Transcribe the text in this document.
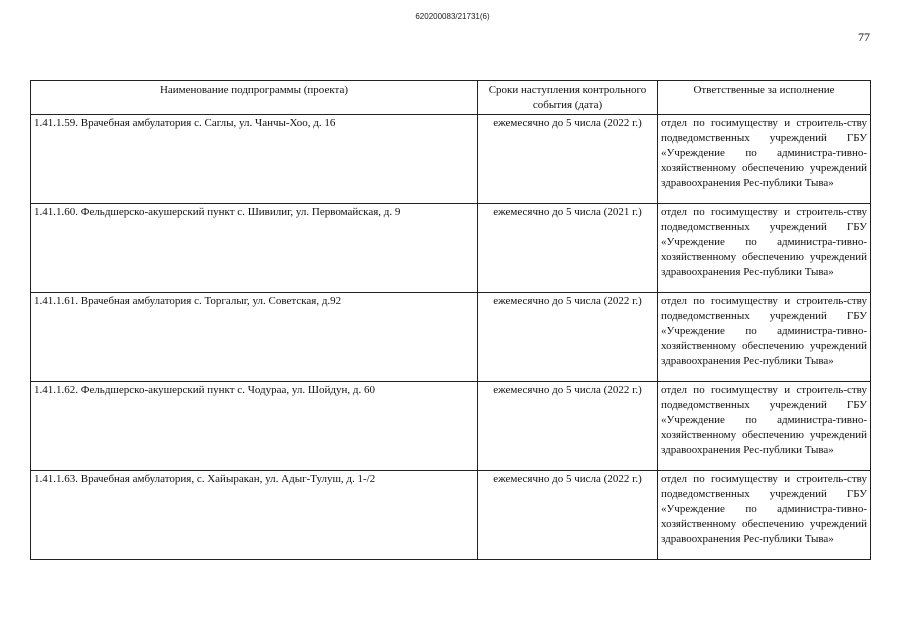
620200083/21731(6)
77
Наименование подпрограммы (проекта)	Сроки наступления контрольного события (дата)	Ответственные за исполнение
1.41.1.59. Врачебная амбулатория с. Саглы, ул. Чанчы-Хоо, д. 16	ежемесячно до 5 числа (2022 г.)	отдел по госимуществу и строитель-ству подведомственных учреждений ГБУ «Учреждение по администра-тивно-хозяйственному обеспечению учреждений здравоохранения Рес-публики Тыва»
1.41.1.60. Фельдшерско-акушерский пункт с. Шивилиг, ул. Первомайская, д. 9	ежемесячно до 5 числа (2021 г.)	отдел по госимуществу и строитель-ству подведомственных учреждений ГБУ «Учреждение по администра-тивно-хозяйственному обеспечению учреждений здравоохранения Рес-публики Тыва»
1.41.1.61. Врачебная амбулатория с. Торгалыг, ул. Советская, д.92	ежемесячно до 5 числа (2022 г.)	отдел по госимуществу и строитель-ству подведомственных учреждений ГБУ «Учреждение по администра-тивно-хозяйственному обеспечению учреждений здравоохранения Рес-публики Тыва»
1.41.1.62. Фельдшерско-акушерский пункт с. Чодураа, ул. Шойдун, д. 60	ежемесячно до 5 числа (2022 г.)	отдел по госимуществу и строитель-ству подведомственных учреждений ГБУ «Учреждение по администра-тивно-хозяйственному обеспечению учреждений здравоохранения Рес-публики Тыва»
1.41.1.63. Врачебная амбулатория, с. Хайыракан, ул. Адыг-Тулуш, д. 1-/2	ежемесячно до 5 числа (2022 г.)	отдел по госимуществу и строитель-ству подведомственных учреждений ГБУ «Учреждение по администра-тивно-хозяйственному обеспечению учреждений здравоохранения Рес-публики Тыва»
